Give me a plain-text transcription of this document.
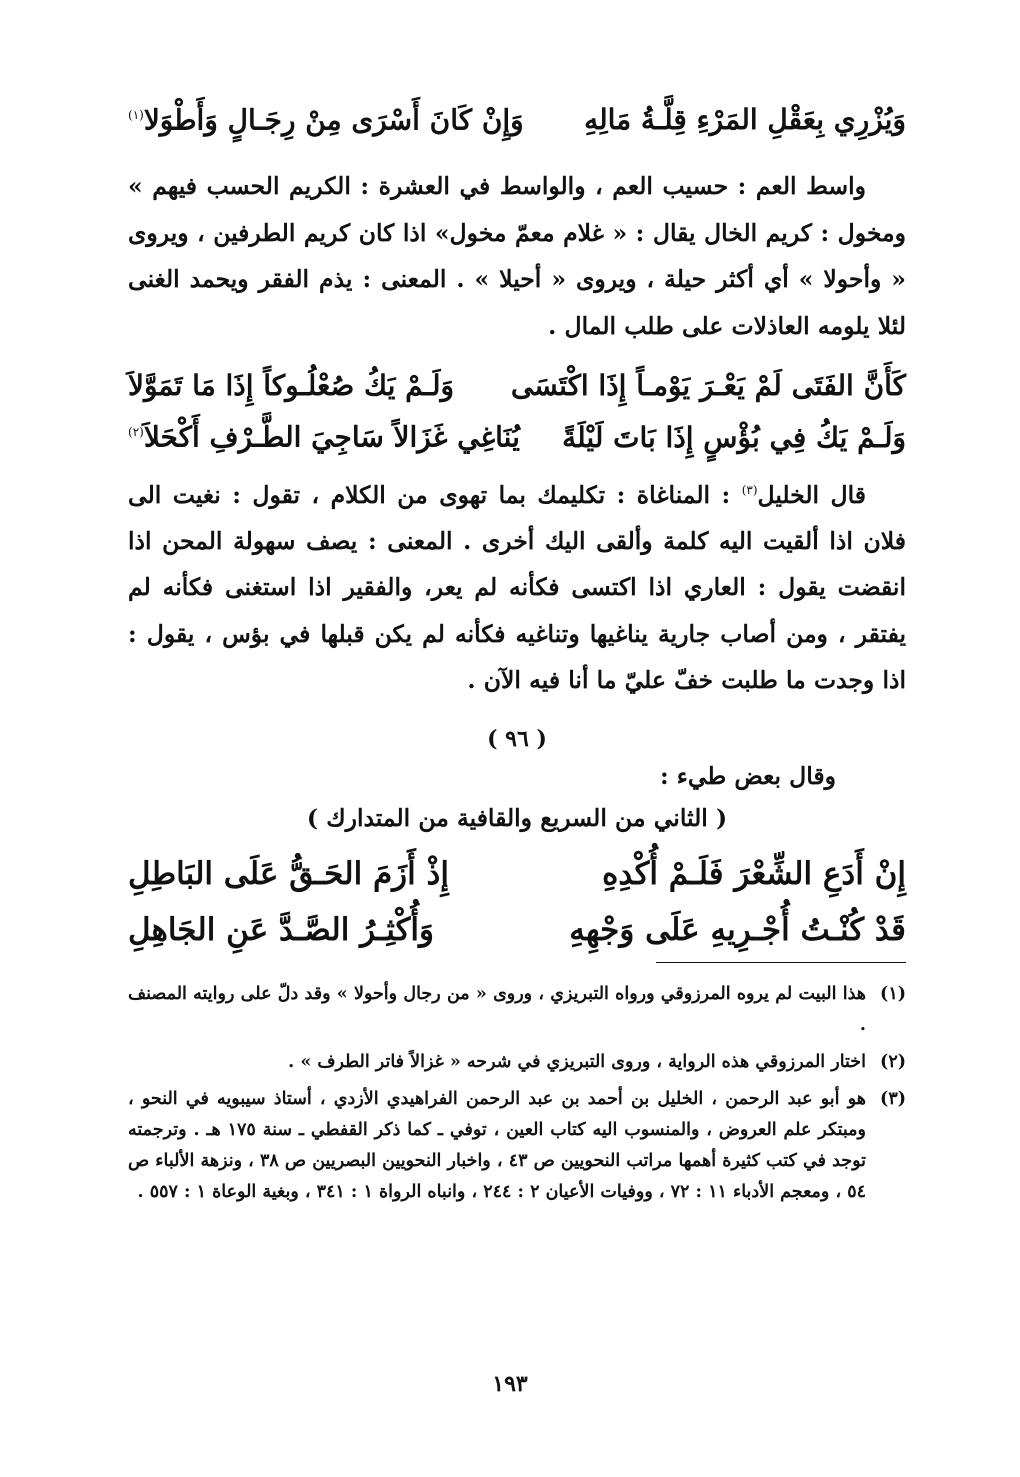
وَيُزْرِي بِعَقْلِ المَرْءِ قِلَّـةُ مَالِهِ
وَإِنْ كَانَ أَسْرَى مِنْ رِجَـالٍ وَأَطْوَلا$^{(١)}$

واسط العم : حسيب العم ، والواسط في العشرة : الكريم الحسب فيهم » ومخول : كريم الخال يقال : « غلام معمّ مخول» اذا كان كريم الطرفين ، ويروى « وأحولا » أي أكثر حيلة ، ويروى « أحيلا » . المعنى : يذم الفقر ويحمد الغنى لئلا يلومه العاذلات على طلب المال .

كَأَنَّ الفَتَى لَمْ يَعْـرَ يَوْمـاً إِذَا اكْتَسَى
وَلَـمْ يَكُ صُعْلُـوكاً إِذَا مَا تَمَوَّلاَ
وَلَـمْ يَكُ فِي بُؤْسٍ إِذَا بَاتَ لَيْلَةً
يُنَاغِي غَزَالاً سَاجِيَ الطَّـرْفِ أَكْحَلاَ$^{(٢)}$

قال الخليل$^{(٣)}$ : المناغاة : تكليمك بما تهوى من الكلام ، تقول : نغيت الى فلان اذا ألقيت اليه كلمة وألقى اليك أخرى . المعنى : يصف سهولة المحن اذا انقضت يقول : العاري اذا اكتسى فكأنه لم يعر، والفقير اذا استغنى فكأنه لم يفتقر ، ومن أصاب جارية يناغيها وتناغيه فكأنه لم يكن قبلها في بؤس ، يقول : اذا وجدت ما طلبت خفّ عليّ ما أنا فيه الآن .

( ٩٦ )
وقال بعض طيء :
( الثاني من السريع والقافية من المتدارك )
إِنْ أَدَعِ الشِّعْرَ فَلَـمْ أُكْدِهِ
إِذْ أَزَمَ الحَـقُّ عَلَى البَاطِلِ
قَدْ كُنْـتُ أُجْـرِيهِ عَلَى وَجْهِهِ
وَأُكْثِـرُ الصَّـدَّ عَنِ الجَاهِلِ
(١)
هذا البيت لم يروه المرزوقي ورواه التبريزي ، وروى « من رجال وأحولا » وقد دلّ على روايته المصنف .
(٢)
اختار المرزوقي هذه الرواية ، وروى التبريزي في شرحه « غزالاً فاتر الطرف » .
(٣)
هو أبو عبد الرحمن ، الخليل بن أحمد بن عبد الرحمن الفراهيدي الأزدي ، أستاذ سيبويه في النحو ، ومبتكر علم العروض ، والمنسوب اليه كتاب العين ، توفي ـ كما ذكر القفطي ـ سنة ١٧٥ هـ . وترجمته توجد في كتب كثيرة أهمها مراتب النحويين ص ٤٣ ، واخبار النحويين البصريين ص ٣٨ ، ونزهة الألباء ص ٥٤ ، ومعجم الأدباء ١١ : ٧٢ ، ووفيات الأعيان ٢ : ٢٤٤ ، وانباه الرواة ١ : ٣٤١ ، وبغية الوعاة ١ : ٥٥٧ .
١٩٣
